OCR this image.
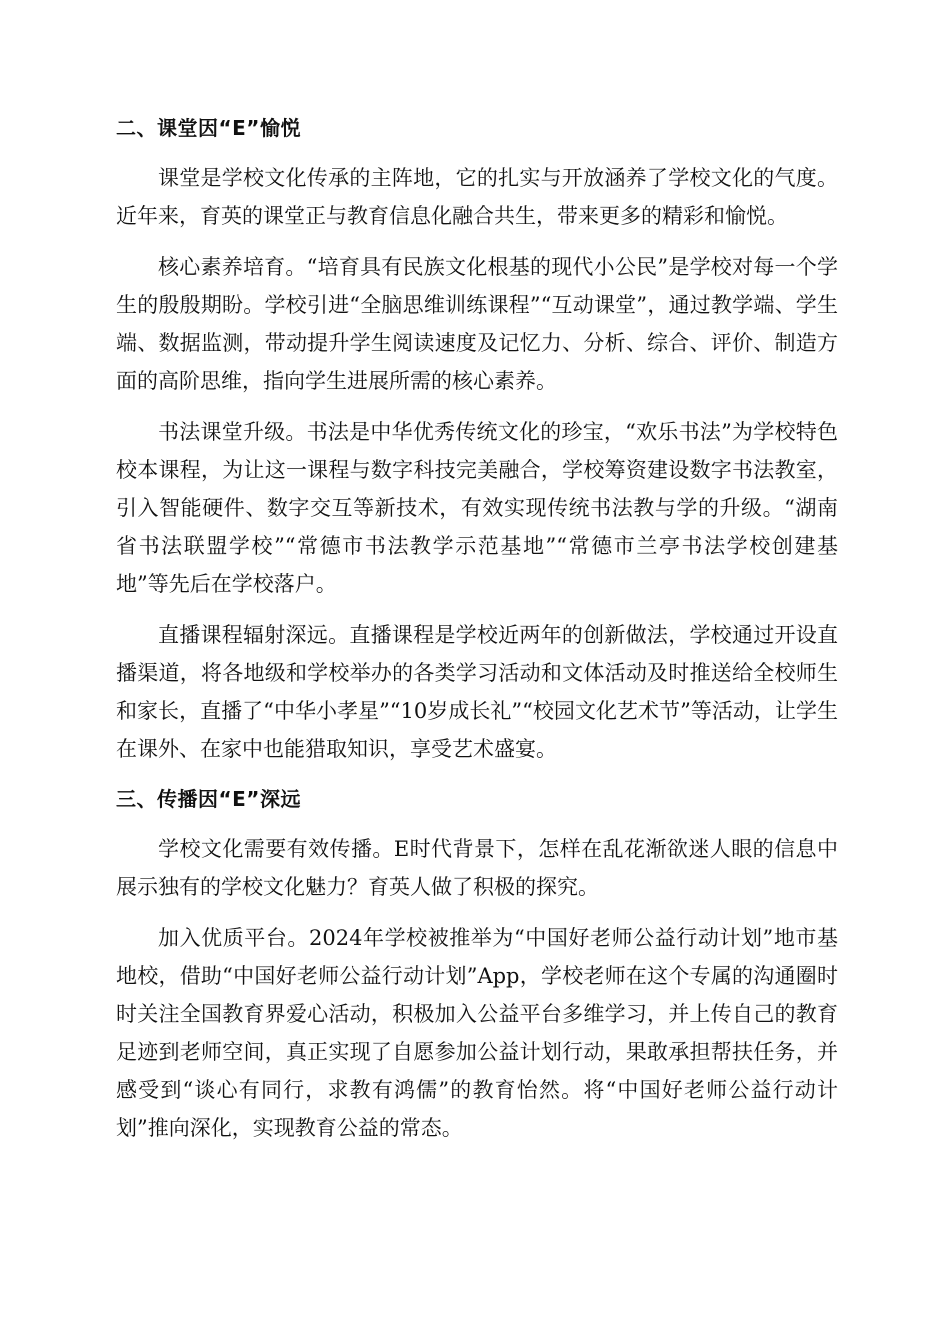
二、课堂因“E”愉悦

课堂是学校文化传承的主阵地，它的扎实与开放涵养了学校文化的气度。近年来，育英的课堂正与教育信息化融合共生，带来更多的精彩和愉悦。

核心素养培育。“培育具有民族文化根基的现代小公民”是学校对每一个学生的殷殷期盼。学校引进“全脑思维训练课程”“互动课堂”，通过教学端、学生端、数据监测，带动提升学生阅读速度及记忆力、分析、综合、评价、制造方面的高阶思维，指向学生进展所需的核心素养。

书法课堂升级。书法是中华优秀传统文化的珍宝，“欢乐书法”为学校特色校本课程，为让这一课程与数字科技完美融合，学校筹资建设数字书法教室，引入智能硬件、数字交互等新技术，有效实现传统书法教与学的升级。“湖南省书法联盟学校”“常德市书法教学示范基地”“常德市兰亭书法学校创建基地”等先后在学校落户。

直播课程辐射深远。直播课程是学校近两年的创新做法，学校通过开设直播渠道，将各地级和学校举办的各类学习活动和文体活动及时推送给全校师生和家长，直播了“中华小孝星”“10岁成长礼”“校园文化艺术节”等活动，让学生在课外、在家中也能猎取知识，享受艺术盛宴。

三、传播因“E”深远

学校文化需要有效传播。E时代背景下，怎样在乱花渐欲迷人眼的信息中展示独有的学校文化魅力？育英人做了积极的探究。

加入优质平台。2024年学校被推举为“中国好老师公益行动计划”地市基地校，借助“中国好老师公益行动计划”App，学校老师在这个专属的沟通圈时时关注全国教育界爱心活动，积极加入公益平台多维学习，并上传自己的教育足迹到老师空间，真正实现了自愿参加公益计划行动，果敢承担帮扶任务，并感受到“谈心有同行，求教有鸿儒”的教育怡然。将“中国好老师公益行动计划”推向深化，实现教育公益的常态。
